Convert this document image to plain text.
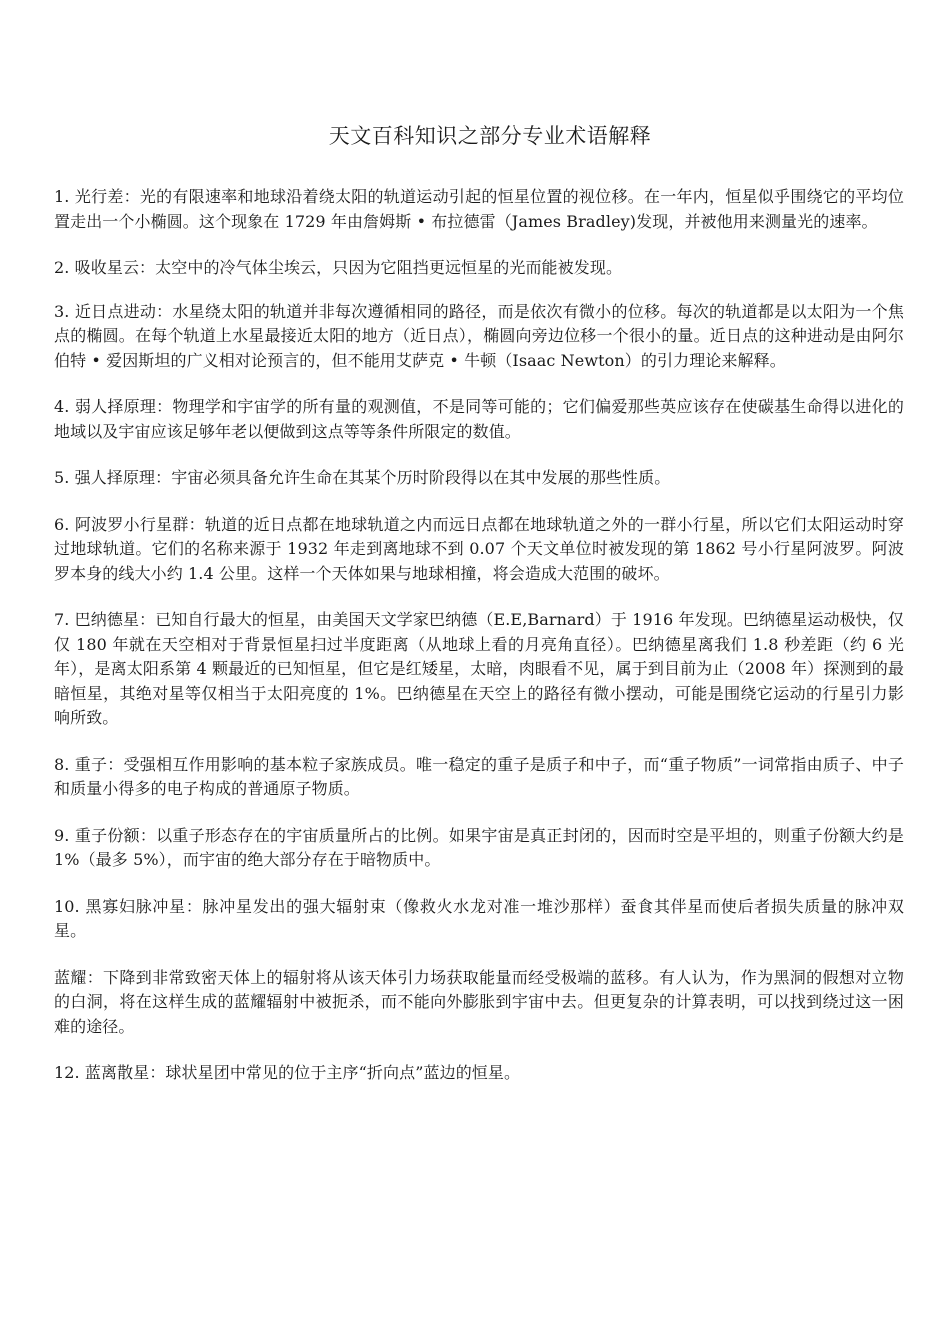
天文百科知识之部分专业术语解释

1. 光行差：光的有限速率和地球沿着绕太阳的轨道运动引起的恒星位置的视位移。在一年内，恒星似乎围绕它的平均位置走出一个小椭圆。这个现象在 1729 年由詹姆斯 • 布拉德雷（James Bradley)发现，并被他用来测量光的速率。

2. 吸收星云：太空中的冷气体尘埃云，只因为它阻挡更远恒星的光而能被发现。

3. 近日点进动：水星绕太阳的轨道并非每次遵循相同的路径，而是依次有微小的位移。每次的轨道都是以太阳为一个焦点的椭圆。在每个轨道上水星最接近太阳的地方（近日点），椭圆向旁边位移一个很小的量。近日点的这种进动是由阿尔伯特 • 爱因斯坦的广义相对论预言的，但不能用艾萨克 • 牛顿（Isaac Newton）的引力理论来解释。

4. 弱人择原理：物理学和宇宙学的所有量的观测值，不是同等可能的；它们偏爱那些英应该存在使碳基生命得以进化的地域以及宇宙应该足够年老以便做到这点等等条件所限定的数值。

5. 强人择原理：宇宙必须具备允许生命在其某个历时阶段得以在其中发展的那些性质。

6. 阿波罗小行星群：轨道的近日点都在地球轨道之内而远日点都在地球轨道之外的一群小行星，所以它们太阳运动时穿过地球轨道。它们的名称来源于 1932 年走到离地球不到 0.07 个天文单位时被发现的第 1862 号小行星阿波罗。阿波罗本身的线大小约 1.4 公里。这样一个天体如果与地球相撞，将会造成大范围的破坏。

7. 巴纳德星：已知自行最大的恒星，由美国天文学家巴纳德（E.E,Barnard）于 1916 年发现。巴纳德星运动极快，仅仅 180 年就在天空相对于背景恒星扫过半度距离（从地球上看的月亮角直径）。巴纳德星离我们 1.8 秒差距（约 6 光年），是离太阳系第 4 颗最近的已知恒星，但它是红矮星，太暗，肉眼看不见，属于到目前为止（2008 年）探测到的最暗恒星，其绝对星等仅相当于太阳亮度的 1%。巴纳德星在天空上的路径有微小摆动，可能是围绕它运动的行星引力影响所致。

8. 重子：受强相互作用影响的基本粒子家族成员。唯一稳定的重子是质子和中子，而“重子物质”一词常指由质子、中子和质量小得多的电子构成的普通原子物质。

9. 重子份额：以重子形态存在的宇宙质量所占的比例。如果宇宙是真正封闭的，因而时空是平坦的，则重子份额大约是 1%（最多 5%），而宇宙的绝大部分存在于暗物质中。

10. 黑寡妇脉冲星：脉冲星发出的强大辐射束（像救火水龙对准一堆沙那样）蚕食其伴星而使后者损失质量的脉冲双星。

蓝耀：下降到非常致密天体上的辐射将从该天体引力场获取能量而经受极端的蓝移。有人认为，作为黑洞的假想对立物的白洞，将在这样生成的蓝耀辐射中被扼杀，而不能向外膨胀到宇宙中去。但更复杂的计算表明，可以找到绕过这一困难的途径。

12. 蓝离散星：球状星团中常见的位于主序“折向点”蓝边的恒星。
